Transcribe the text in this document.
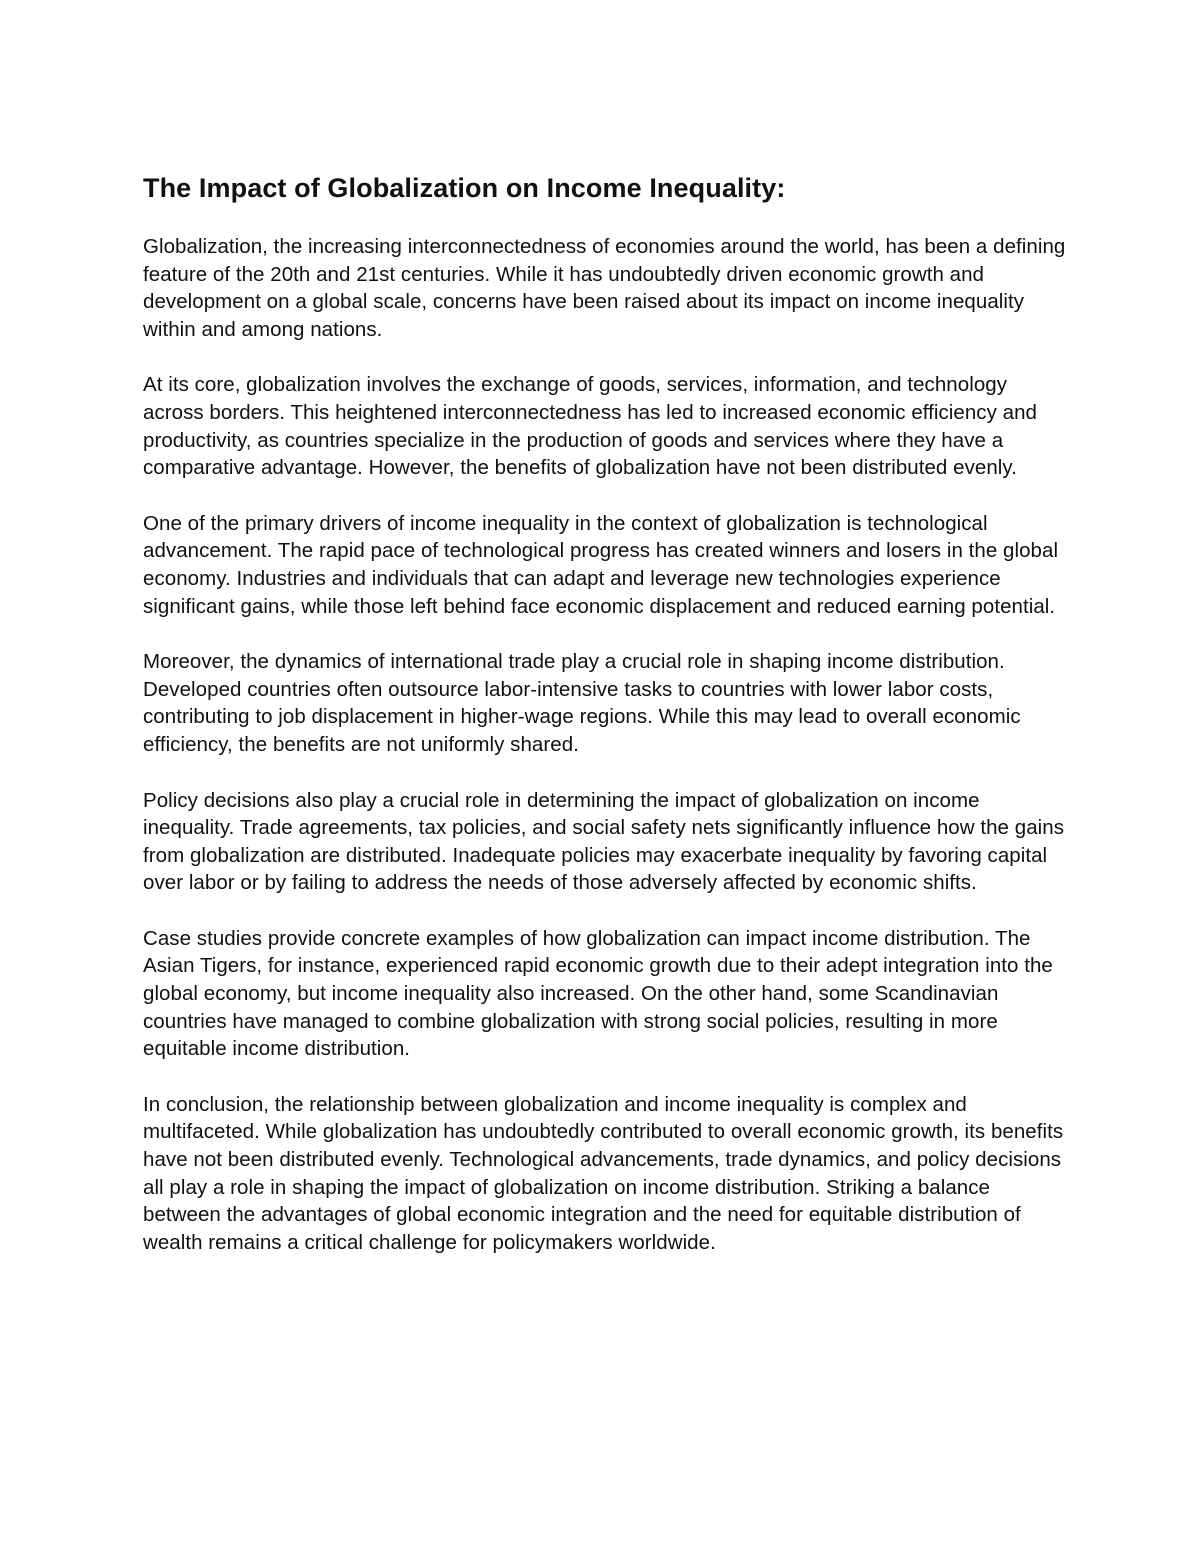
The Impact of Globalization on Income Inequality:

Globalization, the increasing interconnectedness of economies around the world, has been a defining feature of the 20th and 21st centuries. While it has undoubtedly driven economic growth and development on a global scale, concerns have been raised about its impact on income inequality within and among nations.

At its core, globalization involves the exchange of goods, services, information, and technology across borders. This heightened interconnectedness has led to increased economic efficiency and productivity, as countries specialize in the production of goods and services where they have a comparative advantage. However, the benefits of globalization have not been distributed evenly.

One of the primary drivers of income inequality in the context of globalization is technological advancement. The rapid pace of technological progress has created winners and losers in the global economy. Industries and individuals that can adapt and leverage new technologies experience significant gains, while those left behind face economic displacement and reduced earning potential.

Moreover, the dynamics of international trade play a crucial role in shaping income distribution. Developed countries often outsource labor-intensive tasks to countries with lower labor costs, contributing to job displacement in higher-wage regions. While this may lead to overall economic efficiency, the benefits are not uniformly shared.

Policy decisions also play a crucial role in determining the impact of globalization on income inequality. Trade agreements, tax policies, and social safety nets significantly influence how the gains from globalization are distributed. Inadequate policies may exacerbate inequality by favoring capital over labor or by failing to address the needs of those adversely affected by economic shifts.

Case studies provide concrete examples of how globalization can impact income distribution. The Asian Tigers, for instance, experienced rapid economic growth due to their adept integration into the global economy, but income inequality also increased. On the other hand, some Scandinavian countries have managed to combine globalization with strong social policies, resulting in more equitable income distribution.

In conclusion, the relationship between globalization and income inequality is complex and multifaceted. While globalization has undoubtedly contributed to overall economic growth, its benefits have not been distributed evenly. Technological advancements, trade dynamics, and policy decisions all play a role in shaping the impact of globalization on income distribution. Striking a balance between the advantages of global economic integration and the need for equitable distribution of wealth remains a critical challenge for policymakers worldwide.
